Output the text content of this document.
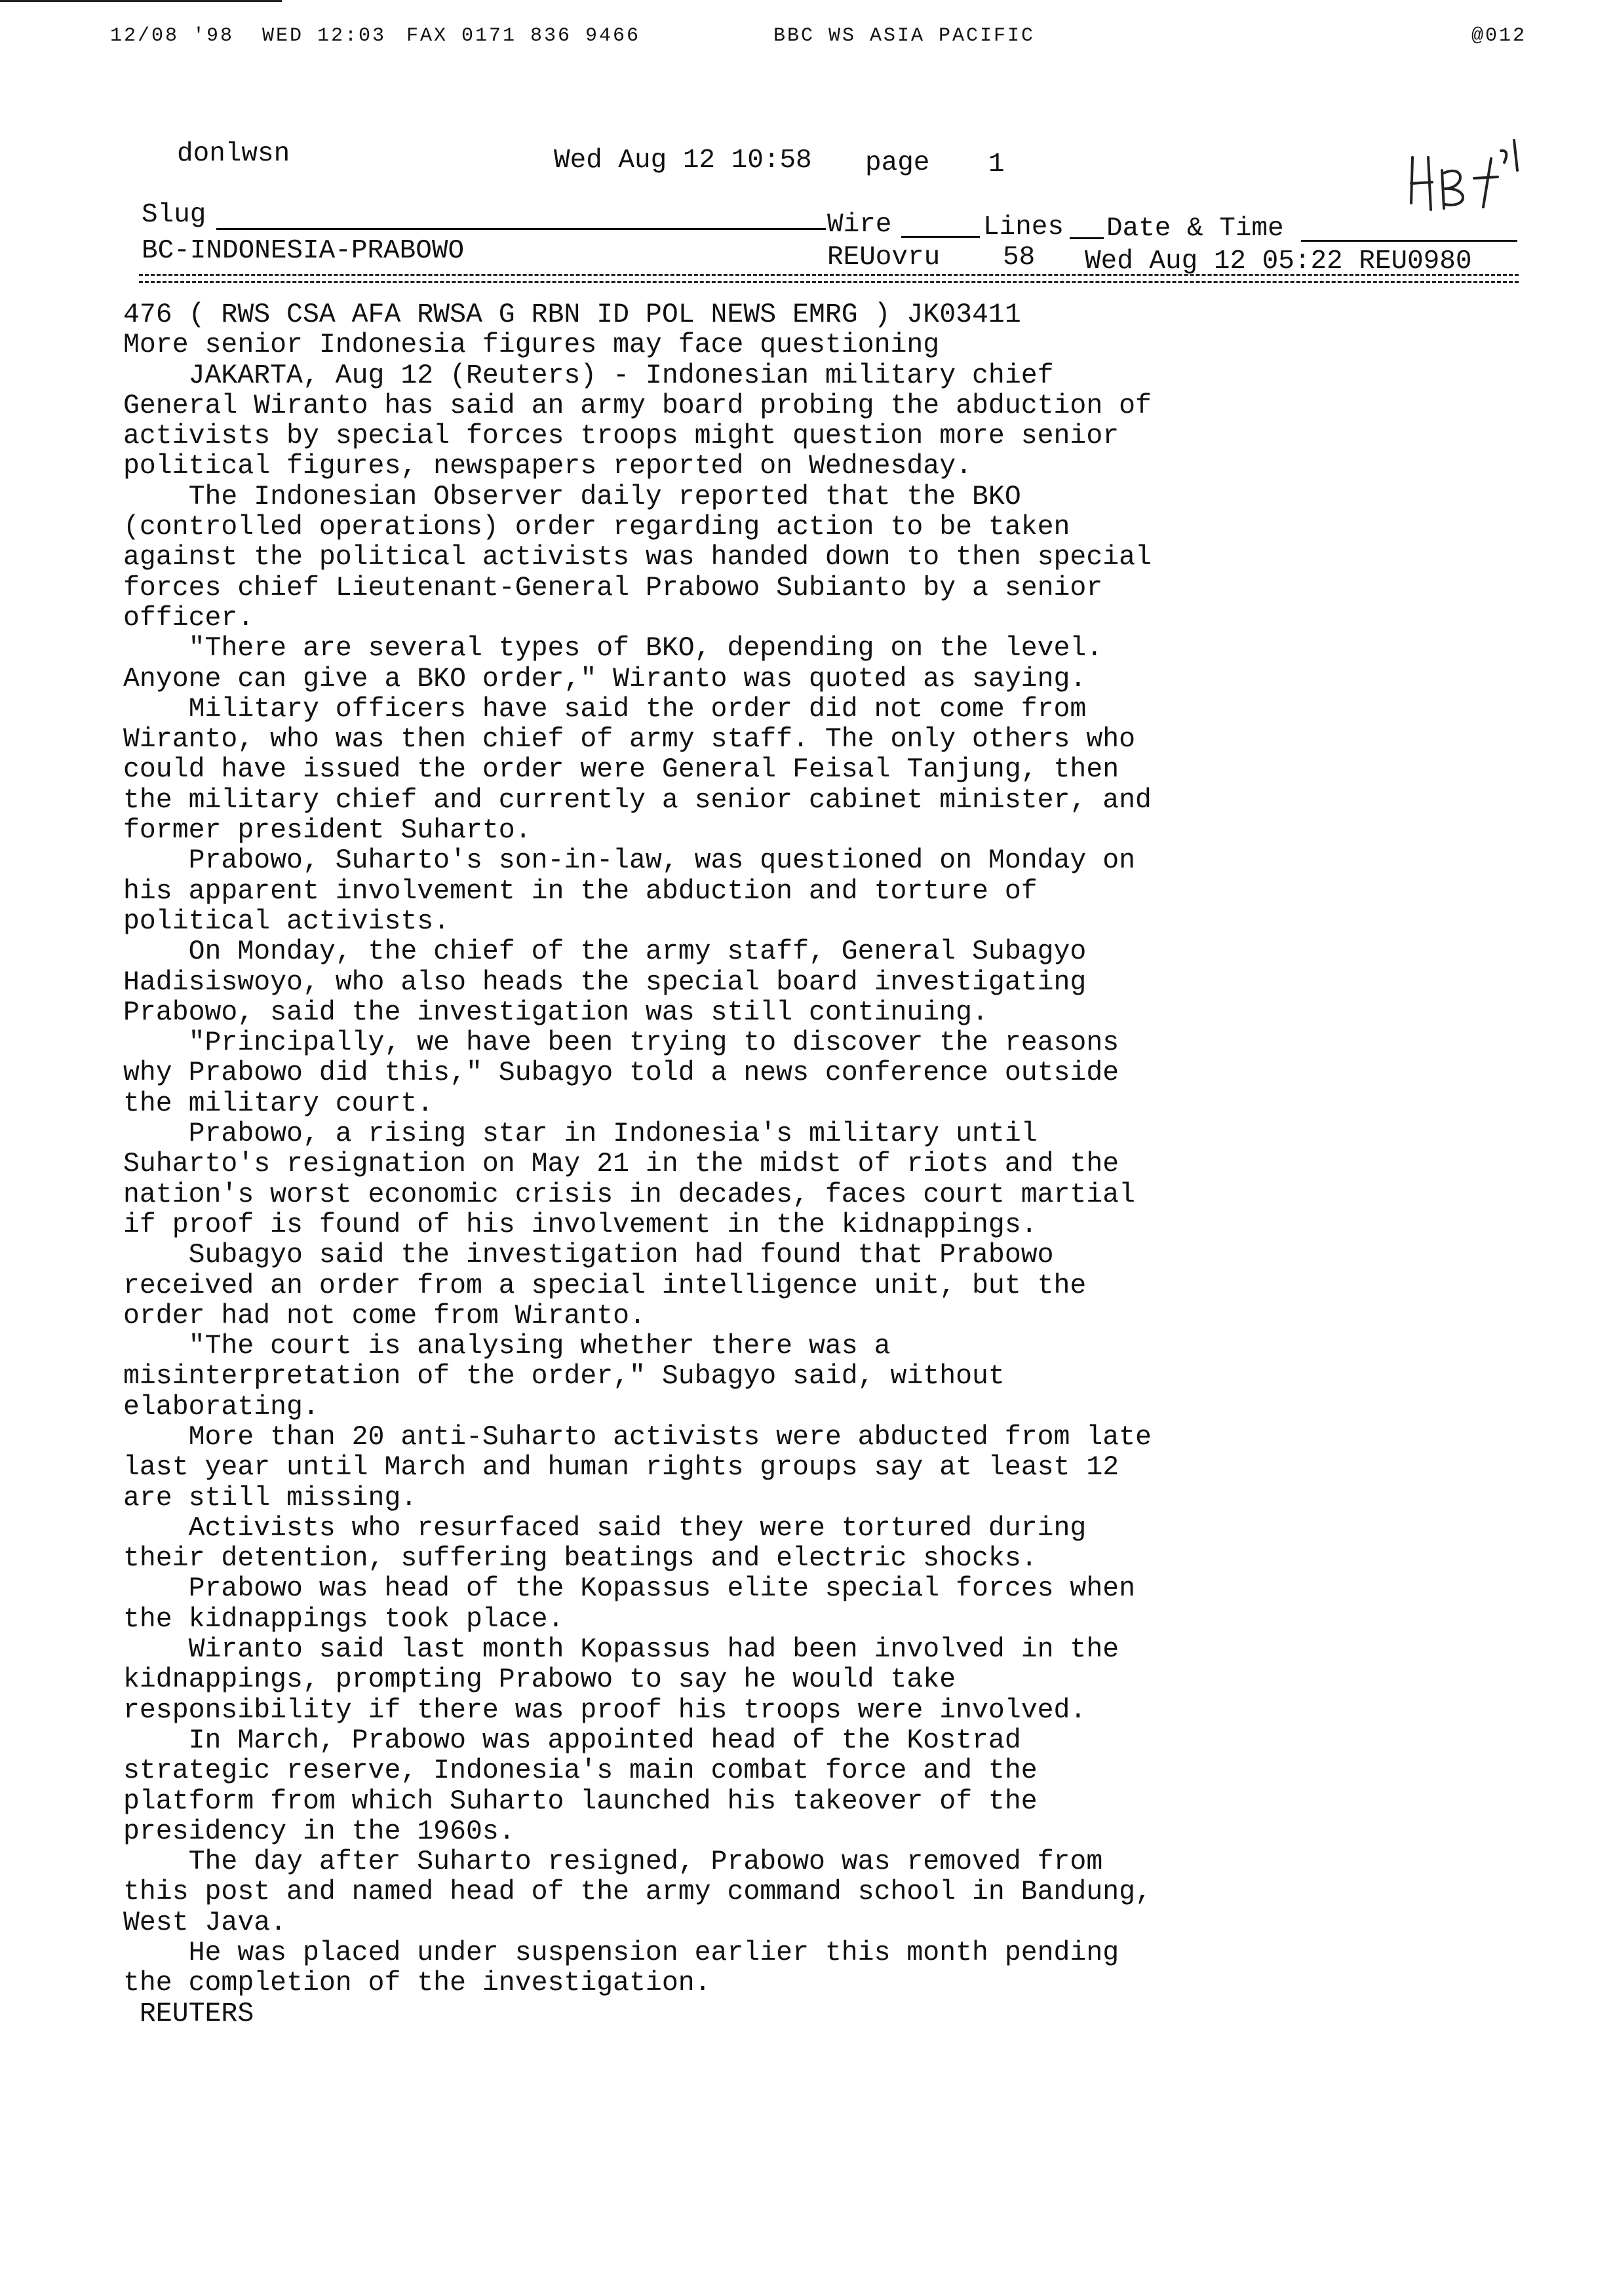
12/08 '98 WED 12:03 FAX 0171 836 9466	BBC WS ASIA PACIFIC	@012
donlwsn	Wed Aug 12 10:58 page 1
Slug	Wire	Lines Date & Time
BC-INDONESIA-PRABOWO	REUovru 58 Wed Aug 12 05:22 REU0980
476 ( RWS CSA AFA RWSA G RBN ID POL NEWS EMRG ) JK03411
More senior Indonesia figures may face questioning
JAKARTA, Aug 12 (Reuters) - Indonesian military chief
General Wiranto has said an army board probing the abduction of
activists by special forces troops might question more senior
political figures, newspapers reported on Wednesday.
The Indonesian Observer daily reported that the BKO
(controlled operations) order regarding action to be taken
against the political activists was handed down to then special
forces chief Lieutenant-General Prabowo Subianto by a senior
officer.
"There are several types of BKO, depending on the level.
Anyone can give a BKO order," Wiranto was quoted as saying.
Military officers have said the order did not come from
Wiranto, who was then chief of army staff. The only others who
could have issued the order were General Feisal Tanjung, then
the military chief and currently a senior cabinet minister, and
former president Suharto.
Prabowo, Suharto's son-in-law, was questioned on Monday on
his apparent involvement in the abduction and torture of
political activists.
On Monday, the chief of the army staff, General Subagyo
Hadisiswoyo, who also heads the special board investigating
Prabowo, said the investigation was still continuing.
"Principally, we have been trying to discover the reasons
why Prabowo did this," Subagyo told a news conference outside
the military court.
Prabowo, a rising star in Indonesia's military until
Suharto's resignation on May 21 in the midst of riots and the
nation's worst economic crisis in decades, faces court martial
if proof is found of his involvement in the kidnappings.
Subagyo said the investigation had found that Prabowo
received an order from a special intelligence unit, but the
order had not come from Wiranto.
"The court is analysing whether there was a
misinterpretation of the order," Subagyo said, without
elaborating.
More than 20 anti-Suharto activists were abducted from late
last year until March and human rights groups say at least 12
are still missing.
Activists who resurfaced said they were tortured during
their detention, suffering beatings and electric shocks.
Prabowo was head of the Kopassus elite special forces when
the kidnappings took place.
Wiranto said last month Kopassus had been involved in the
kidnappings, prompting Prabowo to say he would take
responsibility if there was proof his troops were involved.
In March, Prabowo was appointed head of the Kostrad
strategic reserve, Indonesia's main combat force and the
platform from which Suharto launched his takeover of the
presidency in the 1960s.
The day after Suharto resigned, Prabowo was removed from
this post and named head of the army command school in Bandung,
West Java.
He was placed under suspension earlier this month pending
the completion of the investigation.
REUTERS
